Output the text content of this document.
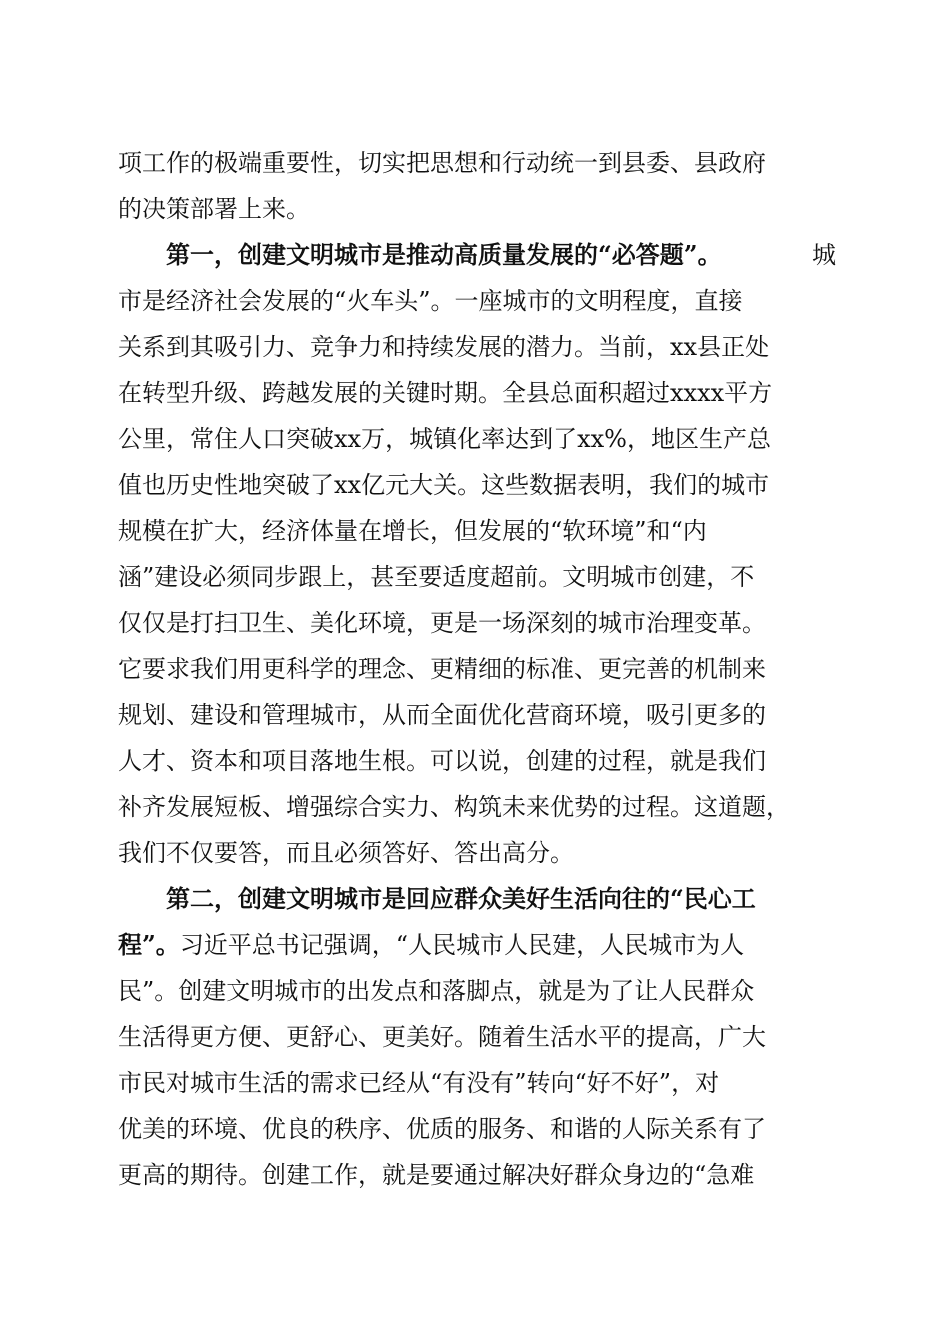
项工作的极端重要性，切实把思想和行动统一到县委、县政府
的决策部署上来。
第一，创建文明城市是推动高质量发展的“必答题”。	城
市是经济社会发展的“火车头”。一座城市的文明程度，直接
关系到其吸引力、竞争力和持续发展的潜力。当前，xx县正处
在转型升级、跨越发展的关键时期。全县总面积超过xxxx平方
公里，常住人口突破xx万，城镇化率达到了xx%，地区生产总
值也历史性地突破了xx亿元大关。这些数据表明，我们的城市
规模在扩大，经济体量在增长，但发展的“软环境”和“内
涵”建设必须同步跟上，甚至要适度超前。文明城市创建，不
仅仅是打扫卫生、美化环境，更是一场深刻的城市治理变革。
它要求我们用更科学的理念、更精细的标准、更完善的机制来
规划、建设和管理城市，从而全面优化营商环境，吸引更多的
人才、资本和项目落地生根。可以说，创建的过程，就是我们
补齐发展短板、增强综合实力、构筑未来优势的过程。这道题，
我们不仅要答，而且必须答好、答出高分。
第二，创建文明城市是回应群众美好生活向往的“民心工
程”。习近平总书记强调，“人民城市人民建，人民城市为人
民”。创建文明城市的出发点和落脚点，就是为了让人民群众
生活得更方便、更舒心、更美好。随着生活水平的提高，广大
市民对城市生活的需求已经从“有没有”转向“好不好”，对
优美的环境、优良的秩序、优质的服务、和谐的人际关系有了
更高的期待。创建工作，就是要通过解决好群众身边的“急难
